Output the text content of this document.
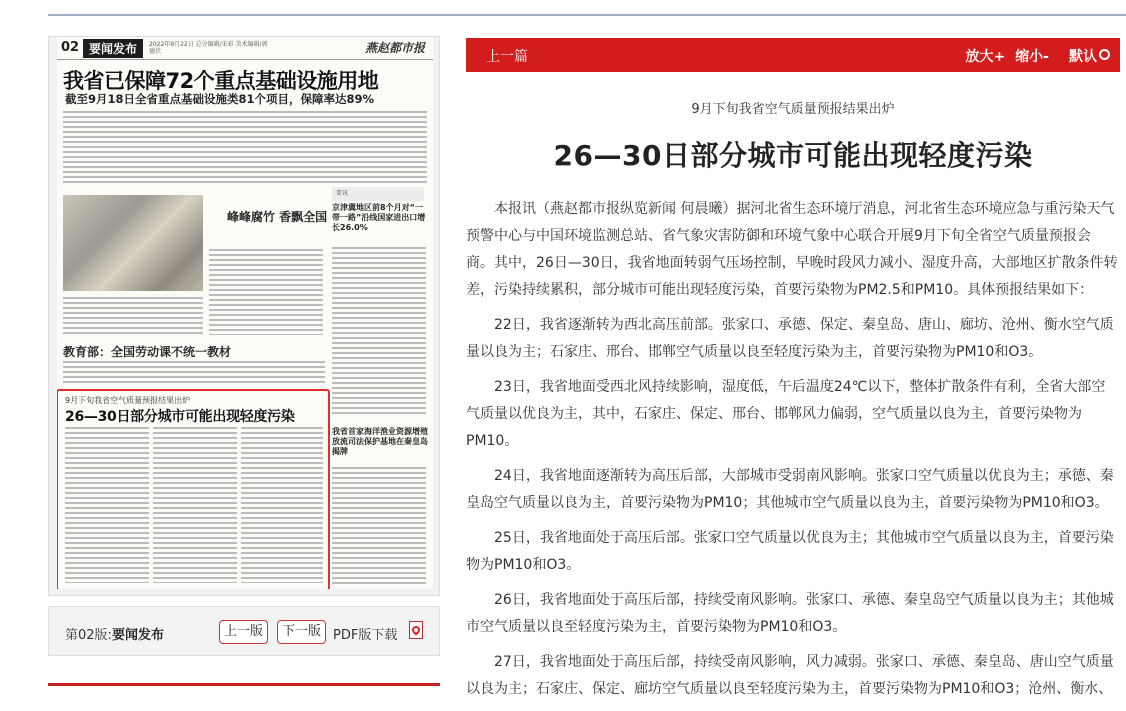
02 要闻发布	2022年9月22日 总分编辑/宋彩 美术编辑/郭德伏	燕赵都市报
我省已保障72个重点基础设施用地
截至9月18日全省重点基础设施类81个项目，保障率达89%
峰峰腐竹 香飘全国
要讯
京津冀地区前8个月对“一带一路”沿线国家进出口增长26.0%
教育部：全国劳动课不统一教材
我省首家海洋渔业资源增殖放流司法保护基地在秦皇岛揭牌
9月下旬我省空气质量预报结果出炉
26—30日部分城市可能出现轻度污染
第02版:要闻发布	上一版	下一版 PDF版下载
上一篇	放大+ 缩小- 默认
9月下旬我省空气质量预报结果出炉
26—30日部分城市可能出现轻度污染

本报讯（燕赵都市报纵览新闻 何晨曦）据河北省生态环境厅消息，河北省生态环境应急与重污染天气预警中心与中国环境监测总站、省气象灾害防御和环境气象中心联合开展9月下旬全省空气质量预报会商。其中，26日—30日，我省地面转弱气压场控制，早晚时段风力减小、湿度升高，大部地区扩散条件转差，污染持续累积，部分城市可能出现轻度污染，首要污染物为PM2.5和PM10。具体预报结果如下：

22日，我省逐渐转为西北高压前部。张家口、承德、保定、秦皇岛、唐山、廊坊、沧州、衡水空气质量以良为主；石家庄、邢台、邯郸空气质量以良至轻度污染为主，首要污染物为PM10和O3。

23日，我省地面受西北风持续影响，湿度低，午后温度24℃以下，整体扩散条件有利，全省大部空气质量以优良为主，其中，石家庄、保定、邢台、邯郸风力偏弱，空气质量以良为主，首要污染物为PM10。

24日，我省地面逐渐转为高压后部，大部城市受弱南风影响。张家口空气质量以优良为主；承德、秦皇岛空气质量以良为主，首要污染物为PM10；其他城市空气质量以良为主，首要污染物为PM10和O3。

25日，我省地面处于高压后部。张家口空气质量以优良为主；其他城市空气质量以良为主，首要污染物为PM10和O3。

26日，我省地面处于高压后部，持续受南风影响。张家口、承德、秦皇岛空气质量以良为主；其他城市空气质量以良至轻度污染为主，首要污染物为PM10和O3。

27日，我省地面处于高压后部，持续受南风影响，风力减弱。张家口、承德、秦皇岛、唐山空气质量以良为主；石家庄、保定、廊坊空气质量以良至轻度污染为主，首要污染物为PM10和O3；沧州、衡水、
